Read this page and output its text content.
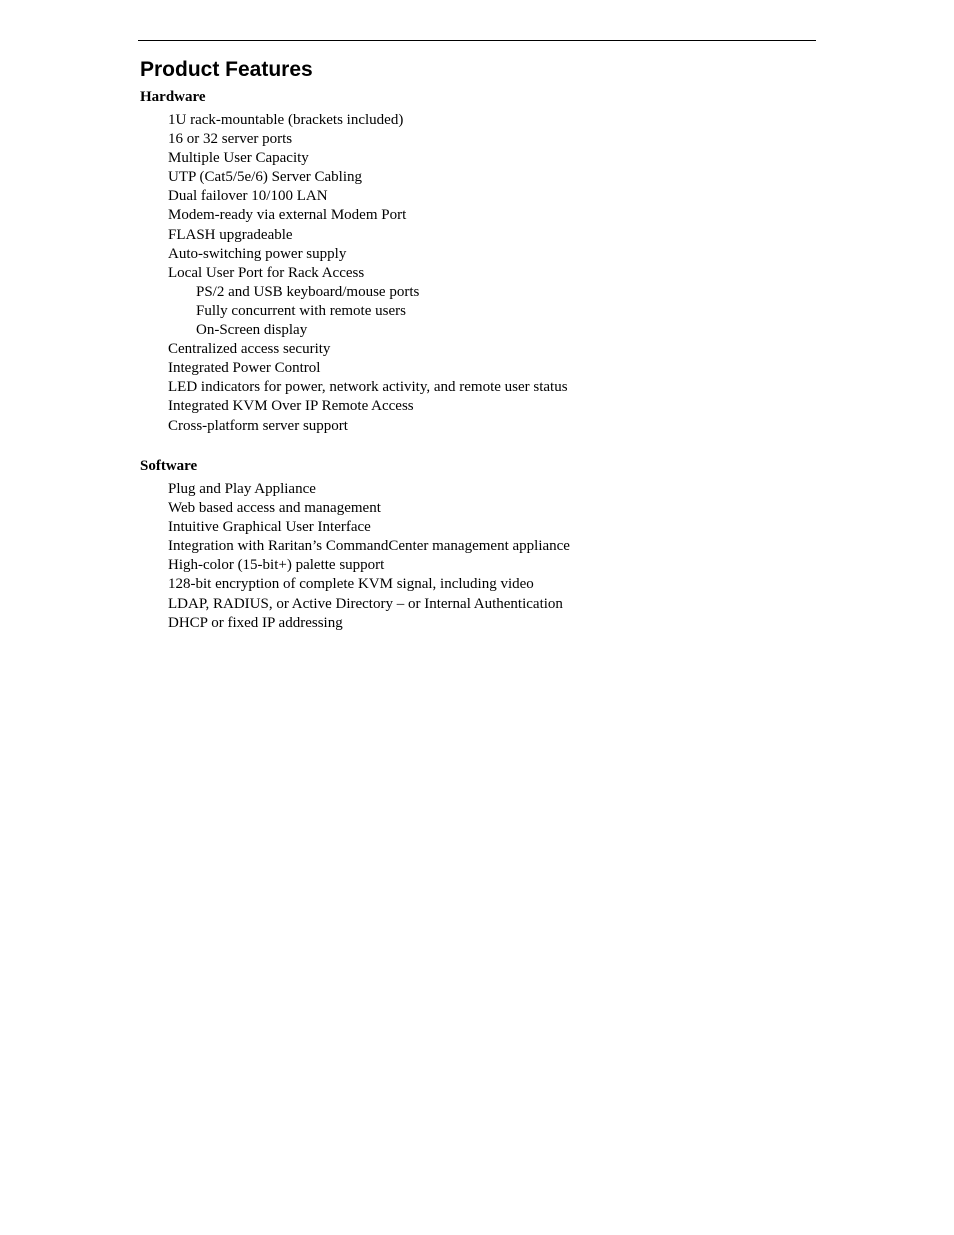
Product Features
Hardware
1U rack-mountable (brackets included)
16 or 32 server ports
Multiple User Capacity
UTP (Cat5/5e/6) Server Cabling
Dual failover 10/100 LAN
Modem-ready via external Modem Port
FLASH upgradeable
Auto-switching power supply
Local User Port for Rack Access
PS/2 and USB keyboard/mouse ports
Fully concurrent with remote users
On-Screen display
Centralized access security
Integrated Power Control
LED indicators for power, network activity, and remote user status
Integrated KVM Over IP Remote Access
Cross-platform server support
Software
Plug and Play Appliance
Web based access and management
Intuitive Graphical User Interface
Integration with Raritan’s CommandCenter management appliance
High-color (15-bit+) palette support
128-bit encryption of complete KVM signal, including video
LDAP, RADIUS, or Active Directory – or Internal Authentication
DHCP or fixed IP addressing
